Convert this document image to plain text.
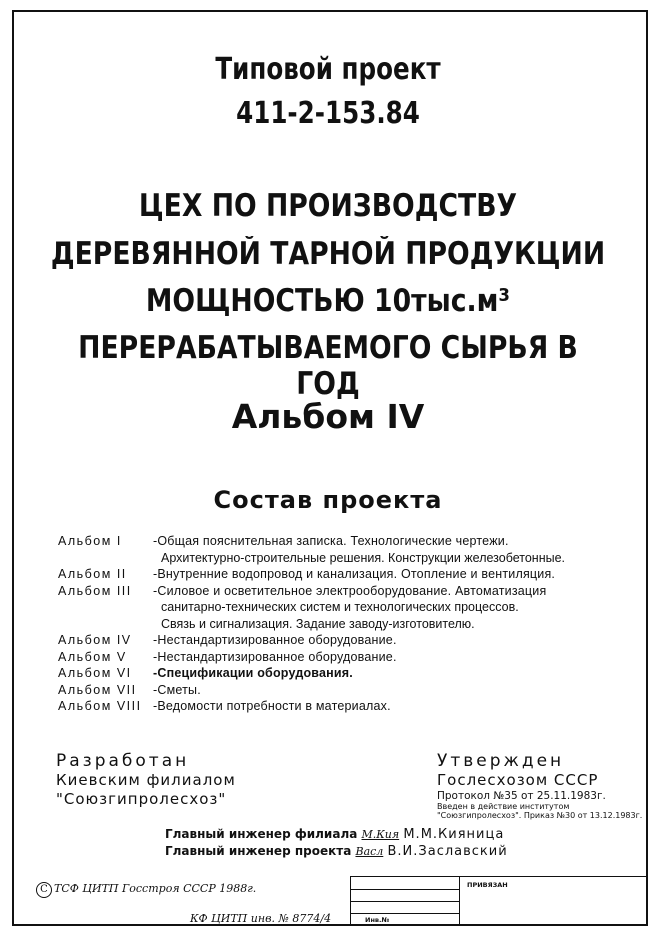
Типовой проект
411-2-153.84
ЦЕХ ПО ПРОИЗВОДСТВУ
ДЕРЕВЯННОЙ ТАРНОЙ ПРОДУКЦИИ
МОЩНОСТЬЮ 10тыс.м³
ПЕРЕРАБАТЫВАЕМОГО СЫРЬЯ В ГОД
Альбом IV
Состав проекта
Альбом I	-Общая пояснительная записка. Технологические чертежи.
Архитектурно-строительные решения. Конструкции железобетонные.
Альбом II	-Внутренние водопровод и канализация. Отопление и вентиляция.
Альбом III	-Силовое и осветительное электрооборудование. Автоматизация
санитарно-технических систем и технологических процессов.
Связь и сигнализация. Задание заводу-изготовителю.
Альбом IV	-Нестандартизированное оборудование.
Альбом V	-Нестандартизированное оборудование.
Альбом VI	-Спецификации оборудования.
Альбом VII	-Сметы.
Альбом VIII -Ведомости потребности в материалах.
Разработан
Киевским филиалом
"Союзгипролесхоз"
Утвержден
Гослесхозом СССР
Протокол №35 от 25.11.1983г.
Введен в действие институтом
"Союзгипролесхоз". Приказ №30 от 13.12.1983г.
Главный инженер филиала М.Кия М.М.Кияница
Главный инженер проекта Васл В.И.Заславский
С ТСФ ЦИТП Госстроя СССР 1988г.
КФ ЦИТП инв. № 8774/4
ПРИВЯЗАН
Инв.№
